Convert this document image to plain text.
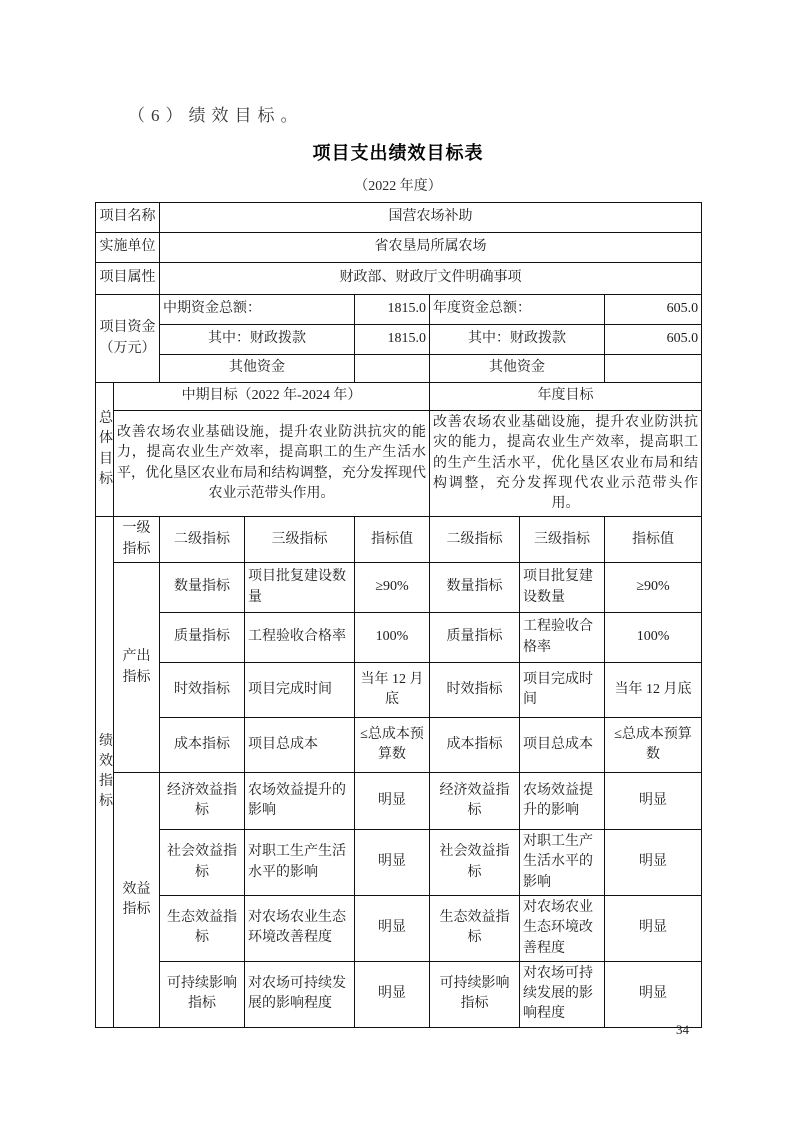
（6）绩效目标。
项目支出绩效目标表
（2022 年度）
项目名称		国营农场补助					
实施单位		省农垦局所属农场					
项目属性		财政部、财政厅文件明确事项					
项目资金（万元）		中期资金总额：		1815.0	年度资金总额：		605.0
		其中：财政拨款		1815.0	其中：财政拨款		605.0
		其他资金			其他资金		
总体目标	中期目标（2022 年-2024 年）				年度目标		
	改善农场农业基础设施，提升农业防洪抗灾的能力，提高农业生产效率，提高职工的生产生活水平，优化垦区农业布局和结构调整，充分发挥现代农业示范带头作用。				改善农场农业基础设施，提升农业防洪抗灾的能力，提高农业生产效率，提高职工的生产生活水平，优化垦区农业布局和结构调整，充分发挥现代农业示范带头作用。		
绩效指标	一级指标	二级指标	三级指标	指标值	二级指标	三级指标	指标值
	产出指标	数量指标	项目批复建设数量	≥90%	数量指标	项目批复建设数量	≥90%
		质量指标	工程验收合格率	100%	质量指标	工程验收合格率	100%
		时效指标	项目完成时间	当年 12 月底	时效指标	项目完成时间	当年 12 月底
		成本指标	项目总成本	≤总成本预算数	成本指标	项目总成本	≤总成本预算数
	效益指标	经济效益指标	农场效益提升的影响	明显	经济效益指标	农场效益提升的影响	明显
		社会效益指标	对职工生产生活水平的影响	明显	社会效益指标	对职工生产生活水平的影响	明显
		生态效益指标	对农场农业生态环境改善程度	明显	生态效益指标	对农场农业生态环境改善程度	明显
		可持续影响指标	对农场可持续发展的影响程度	明显	可持续影响指标	对农场可持续发展的影响程度	明显
34
